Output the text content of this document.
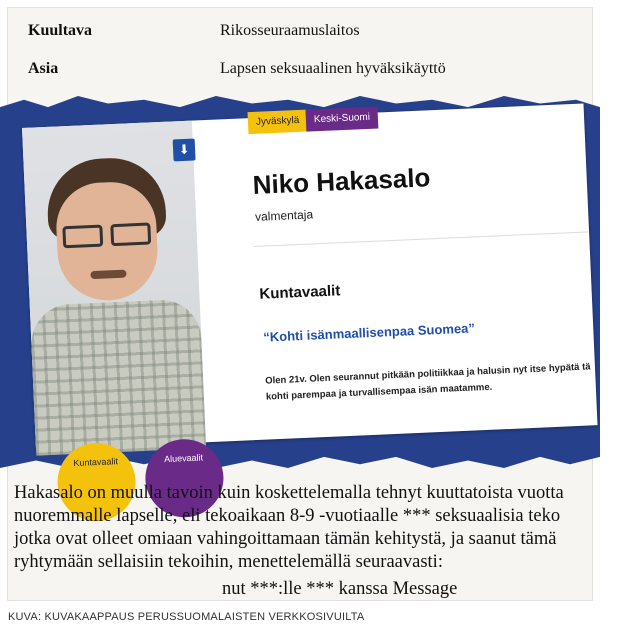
Kuultava	Rikosseuraamuslaitos
Asia	Lapsen seksuaalinen hyväksikäyttö
⬇
Kuntavaalit	Aluevaalit
Jyväskylä	Keski-Suomi
Niko Hakasalo
valmentaja
Kuntavaalit
“Kohti isänmaallisenpaa Suomea”
Olen 21v. Olen seurannut pitkään politiikkaa ja halusin nyt itse hypätä tä kohti parempaa ja turvallisempaa isän maatamme.
Hakasalo on muulla tavoin kuin koskettelemalla tehnyt kuuttatoista vuotta
nuoremmalle lapselle, eli tekoaikaan 8-9 -vuotiaalle *** seksuaalisia teko
jotka ovat olleet omiaan vahingoittamaan tämän kehitystä, ja saanut tämä
ryhtymään sellaisiin tekoihin, menettelemällä seuraavasti:
nut ***:lle *** kanssa Message
KUVA: KUVAKAAPPAUS PERUSSUOMALAISTEN VERKKOSIVUILTA
